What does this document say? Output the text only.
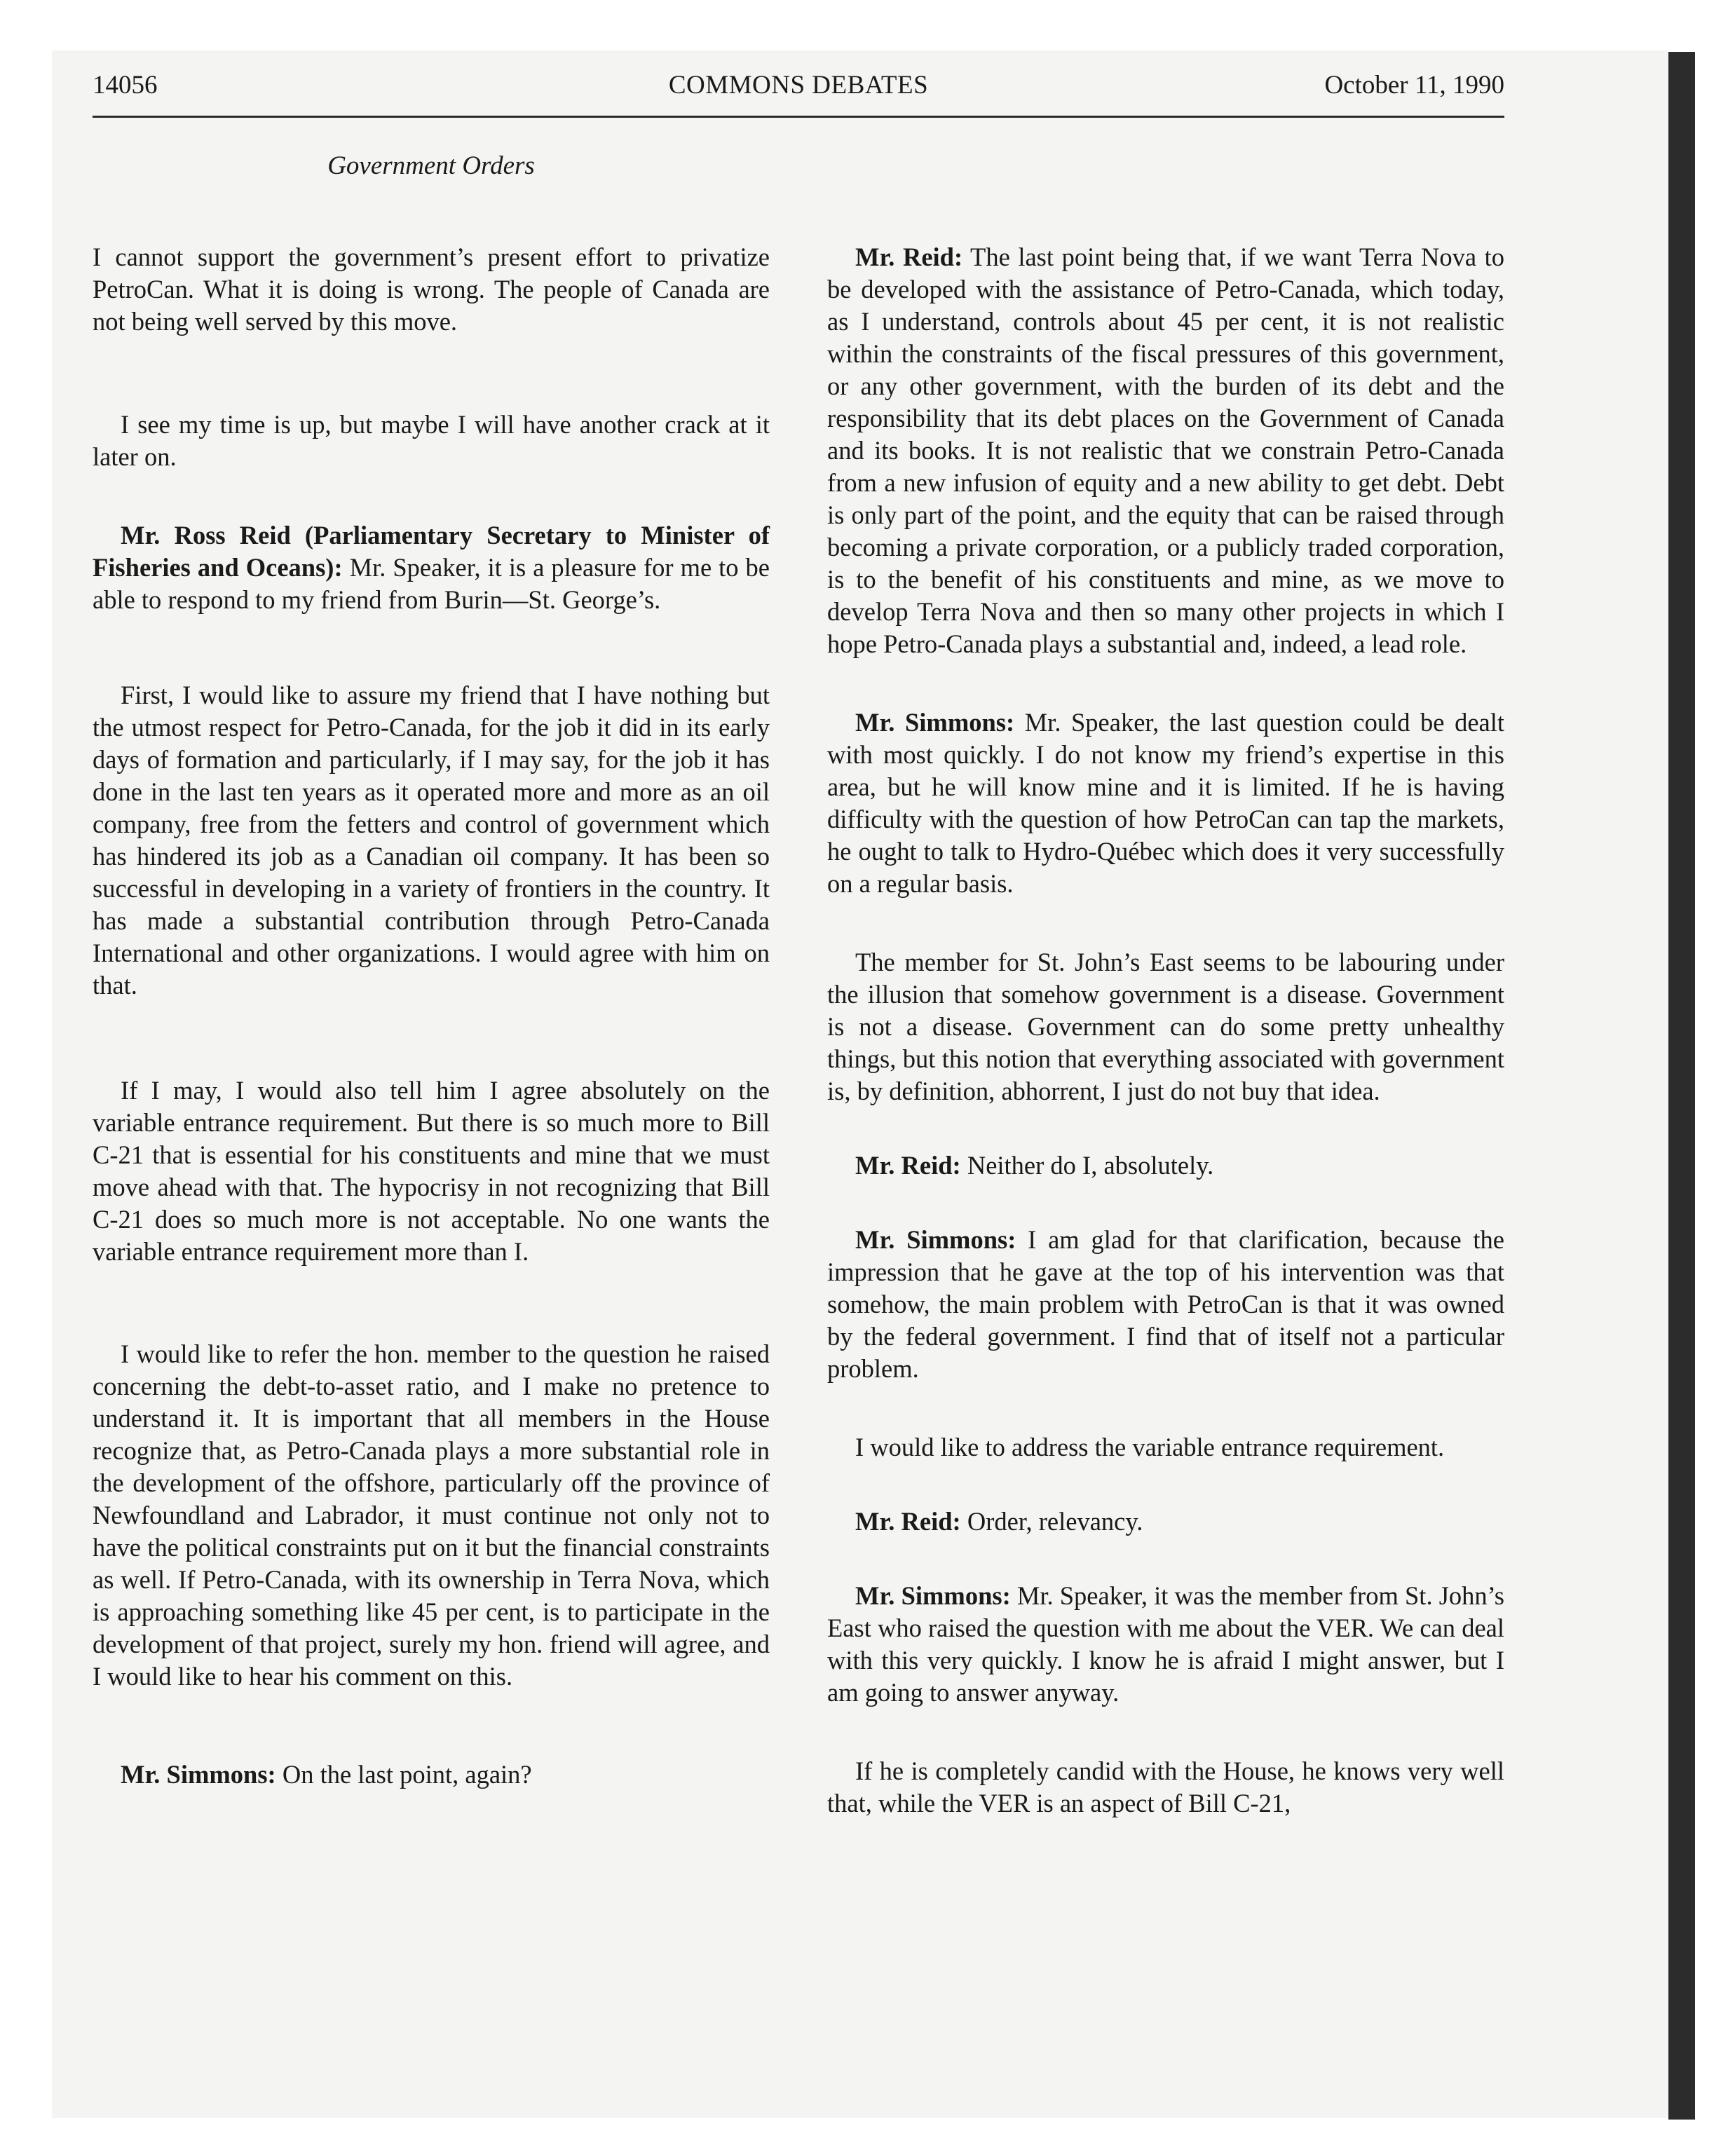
14056	COMMONS DEBATES	October 11, 1990
Government Orders

I cannot support the government’s present effort to privatize PetroCan. What it is doing is wrong. The people of Canada are not being well served by this move.

I see my time is up, but maybe I will have another crack at it later on.

Mr. Ross Reid (Parliamentary Secretary to Minister of Fisheries and Oceans): Mr. Speaker, it is a pleasure for me to be able to respond to my friend from Burin—St. George’s.

First, I would like to assure my friend that I have nothing but the utmost respect for Petro-Canada, for the job it did in its early days of formation and particularly, if I may say, for the job it has done in the last ten years as it operated more and more as an oil company, free from the fetters and control of government which has hindered its job as a Canadian oil company. It has been so successful in developing in a variety of frontiers in the country. It has made a substantial contribution through Petro-Canada International and other organizations. I would agree with him on that.

If I may, I would also tell him I agree absolutely on the variable entrance requirement. But there is so much more to Bill C-21 that is essential for his constituents and mine that we must move ahead with that. The hypocrisy in not recognizing that Bill C-21 does so much more is not acceptable. No one wants the variable entrance requirement more than I.

I would like to refer the hon. member to the question he raised concerning the debt-to-asset ratio, and I make no pretence to understand it. It is important that all members in the House recognize that, as Petro-Canada plays a more substantial role in the development of the offshore, particularly off the province of Newfoundland and Labrador, it must continue not only not to have the political constraints put on it but the financial constraints as well. If Petro-Canada, with its ownership in Terra Nova, which is approaching something like 45 per cent, is to participate in the development of that project, surely my hon. friend will agree, and I would like to hear his comment on this.

Mr. Simmons: On the last point, again?

Mr. Reid: The last point being that, if we want Terra Nova to be developed with the assistance of Petro-Canada, which today, as I understand, controls about 45 per cent, it is not realistic within the constraints of the fiscal pressures of this government, or any other government, with the burden of its debt and the responsibility that its debt places on the Government of Canada and its books. It is not realistic that we constrain Petro-Canada from a new infusion of equity and a new ability to get debt. Debt is only part of the point, and the equity that can be raised through becoming a private corporation, or a publicly traded corporation, is to the benefit of his constituents and mine, as we move to develop Terra Nova and then so many other projects in which I hope Petro-Canada plays a substantial and, indeed, a lead role.

Mr. Simmons: Mr. Speaker, the last question could be dealt with most quickly. I do not know my friend’s expertise in this area, but he will know mine and it is limited. If he is having difficulty with the question of how PetroCan can tap the markets, he ought to talk to Hydro-Québec which does it very successfully on a regular basis.

The member for St. John’s East seems to be labouring under the illusion that somehow government is a disease. Government is not a disease. Government can do some pretty unhealthy things, but this notion that everything associated with government is, by definition, abhorrent, I just do not buy that idea.

Mr. Reid: Neither do I, absolutely.

Mr. Simmons: I am glad for that clarification, because the impression that he gave at the top of his intervention was that somehow, the main problem with PetroCan is that it was owned by the federal government. I find that of itself not a particular problem.

I would like to address the variable entrance requirement.

Mr. Reid: Order, relevancy.

Mr. Simmons: Mr. Speaker, it was the member from St. John’s East who raised the question with me about the VER. We can deal with this very quickly. I know he is afraid I might answer, but I am going to answer anyway.

If he is completely candid with the House, he knows very well that, while the VER is an aspect of Bill C-21,
